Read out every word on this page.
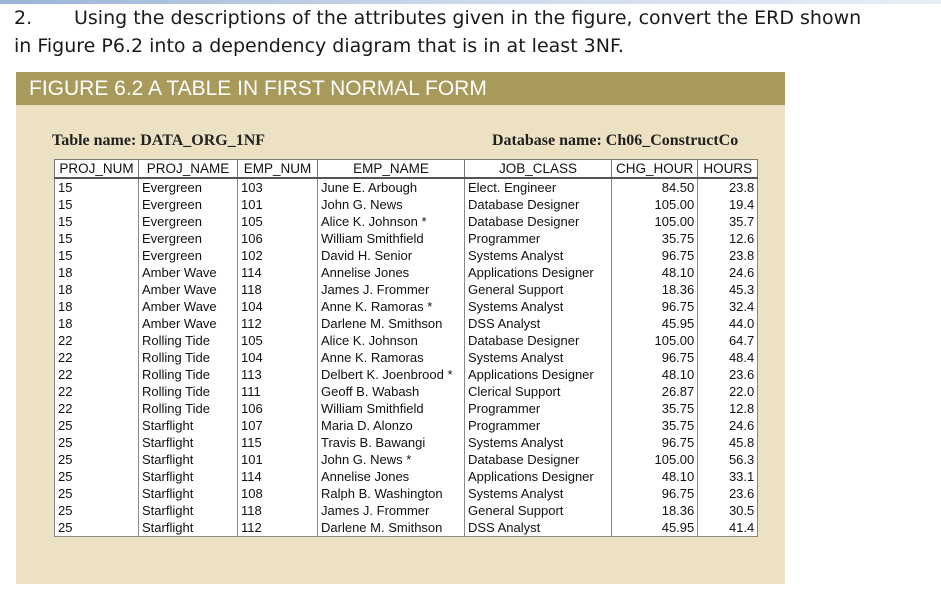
2. Using the descriptions of the attributes given in the figure, convert the ERD shown
in Figure P6.2 into a dependency diagram that is in at least 3NF.
FIGURE 6.2 A TABLE IN FIRST NORMAL FORM
Table name: DATA_ORG_1NF	Database name: Ch06_ConstructCo
PROJ_NUM	PROJ_NAME	EMP_NUM	EMP_NAME	JOB_CLASS	CHG_HOUR	HOURS
15	Evergreen	103	June E. Arbough	Elect. Engineer	84.50	23.8
15	Evergreen	101	John G. News	Database Designer	105.00	19.4
15	Evergreen	105	Alice K. Johnson *	Database Designer	105.00	35.7
15	Evergreen	106	William Smithfield	Programmer	35.75	12.6
15	Evergreen	102	David H. Senior	Systems Analyst	96.75	23.8
18	Amber Wave	114	Annelise Jones	Applications Designer	48.10	24.6
18	Amber Wave	118	James J. Frommer	General Support	18.36	45.3
18	Amber Wave	104	Anne K. Ramoras *	Systems Analyst	96.75	32.4
18	Amber Wave	112	Darlene M. Smithson	DSS Analyst	45.95	44.0
22	Rolling Tide	105	Alice K. Johnson	Database Designer	105.00	64.7
22	Rolling Tide	104	Anne K. Ramoras	Systems Analyst	96.75	48.4
22	Rolling Tide	113	Delbert K. Joenbrood *	Applications Designer	48.10	23.6
22	Rolling Tide	111	Geoff B. Wabash	Clerical Support	26.87	22.0
22	Rolling Tide	106	William Smithfield	Programmer	35.75	12.8
25	Starflight	107	Maria D. Alonzo	Programmer	35.75	24.6
25	Starflight	115	Travis B. Bawangi	Systems Analyst	96.75	45.8
25	Starflight	101	John G. News *	Database Designer	105.00	56.3
25	Starflight	114	Annelise Jones	Applications Designer	48.10	33.1
25	Starflight	108	Ralph B. Washington	Systems Analyst	96.75	23.6
25	Starflight	118	James J. Frommer	General Support	18.36	30.5
25	Starflight	112	Darlene M. Smithson	DSS Analyst	45.95	41.4
